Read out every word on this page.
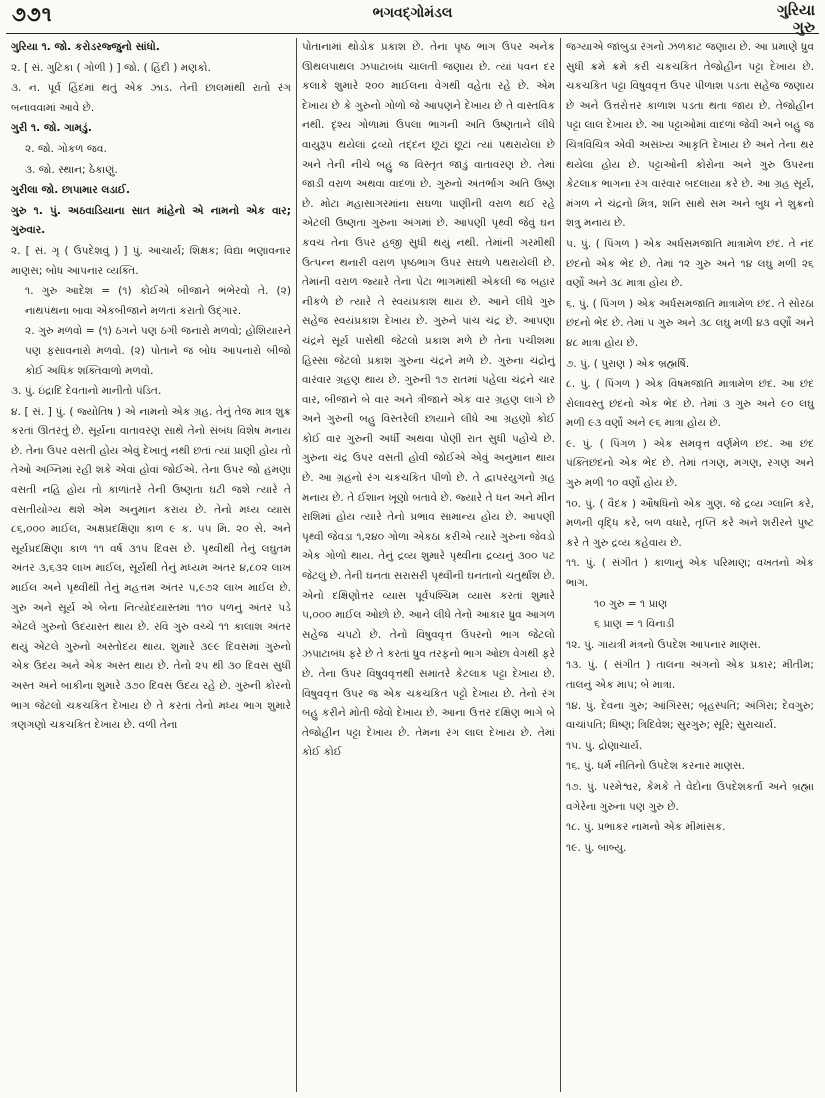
૭૭૧	ભગવદ્‍ગોમંડલ	ગુરિયા
ગુરુ

ગુરિયા ૧. જો. કરોડરજ્જુનો સાંધો.

૨. [ સં. ગુટિકા ( ગોળી ) ] જો. ( હિંદી ) મણકો.

૩. ન. પૂર્વ હિંદમાં થતું એક ઝાડ. તેની છાલમાંથી રાતો રંગ બનાવવામાં આવે છે.

ગુરી ૧. જો. ગામડું.

૨. જો. ગોકળ જવ.

૩. જો. સ્થાન; ઠેકાણું.

ગુરીલા જો. છાપામાર લડાઈ.

ગુરુ ૧. પું. અઠવાડિયાના સાત માંહેનો એ નામનો એક વાર; ગુરુવાર.

૨. [ સં. ગૃ ( ઉપદેશવું ) ] પું. આચાર્ય; શિક્ષક; વિદ્યા ભણાવનાર માણસ; બોધ આપનાર વ્યક્તિ.

૧. ગુરુ આદેશ = (૧) કોઈએ બીજાને ભંભેરવો તે. (૨) નાથપંથના બાવા એકબીજાને મળતાં કરાતો ઉદ્ગાર.

૨. ગુરુ મળવો = (૧) ઠગને પણ ઠગી જનારો મળવો; હોશિયારને પણ ફસાવનારો મળવો. (૨) પોતાને જ બોધ આપનારો બીજો કોઈ અધિક શક્તિવાળો મળવો.

૩. પું. ઇંદ્રાદિ દેવતાનો માનીતો પંડિત.

૪. [ સં. ] પું. ( જ્યોતિષ ) એ નામનો એક ગ્રહ. તેનું તેજ માત્ર શુક્ર કરતાં ઊતરતું છે. સૂર્યના વાતાવરણ સાથે તેનો સંબંધ વિશેષ મનાય છે. તેના ઉપર વસતી હોય એવું દેખાતું નથી છતાં ત્યાં પ્રાણી હોય તો તેઓ અગ્નિમાં રહી શકે એવાં હોવાં જોઈએ. તેના ઉપર જો હમણાં વસતી નહિ હોય તો કાળાંતરે તેની ઉષ્ણતા ઘટી જશે ત્યારે તે વસતીયોગ્ય થશે એમ અનુમાન કરાય છે. તેનો મધ્ય વ્યાસ ૮૬,૦૦૦ માઈલ, અક્ષપ્રદક્ષિણા કાળ ૯ ક. ૫૫ મિ. ૨૦ સે. અને સૂર્યપ્રદક્ષિણા કાળ ૧૧ વર્ષ ૩૧૫ દિવસ છે. પૃથ્વીથી તેનું લઘુતમ અંતર ૩,૬૩૨ લાખ માઈલ, સૂર્યથી તેનું મધ્યમ અંતર ૪,૮૦૨ લાખ માઈલ અને પૃથ્વીથી તેનું મહત્તમ અંતર ૫,૯૭૨ લાખ માઈલ છે. ગુરુ અને સૂર્ય એ બેના નિત્યોદયાસ્તમાં ૧૧૦ પળનું અંતર પડે એટલે ગુરુનો ઉદયાસ્ત થાય છે. રવિ ગુરુ વચ્ચે ૧૧ કાલાંશ અંતર થયું એટલે ગુરુનો અસ્તોદય થાય. શુમારે ૩૯૯ દિવસમાં ગુરુનો એક ઉદય અને એક અસ્ત થાય છે. તેનો ૨૫ થી ૩૦ દિવસ સુધી અસ્ત અને બાકીના શુમારે ૩૭૦ દિવસ ઉદય રહે છે. ગુરુની કોરનો ભાગ જેટલો ચકચકિત દેખાય છે તે કરતાં તેનો મધ્ય ભાગ શુમારે ત્રણગણો ચકચકિત દેખાય છે. વળી તેના

પોતાનામાં થોડોક પ્રકાશ છે. તેના પૃષ્ઠ ભાગ ઉપર અનેક ઊથલપાથલ ઝપાટાબંધ ચાલતી જણાય છે. ત્યાં પવન દર કલાકે શુમારે ૨૦૦ માઈલના વેગથી વહેતા રહે છે. એમ દેખાય છે કે ગુરુનો ગોળો જે આપણને દેખાય છે તે વાસ્તવિક નથી. દૃશ્ય ગોળામાં ઉપલા ભાગની અતિ ઉષ્ણતાને લીધે વાયુરૂપ થયેલાં દ્રવ્યો તદ્દન છૂટાં છૂટાં ત્યાં પથરાયેલાં છે અને તેની નીચે બહુ જ વિસ્તૃત જાડું વાતાવરણ છે. તેમાં જાડી વરાળ અથવા વાદળાં છે. ગુરુનો અંતર્ભાગ અતિ ઉષ્ણ છે. મોટા મહાસાગરમાંના સઘળા પાણીની વરાળ થઈ રહે એટલી ઉષ્ણતા ગુરુના અંગમાં છે. આપણી પૃથ્વી જેવું ઘન કવચ તેના ઉપર હજી સુધી થયું નથી. તેમાંની ગરમીથી ઉત્પન્ન થનારી વરાળ પૃષ્ઠભાગ ઉપર સઘળે પથરાયેલી છે. તેમાંની વરાળ જ્યારે તેના પેટા ભાગમાંથી એકલી જ બહાર નીકળે છે ત્યારે તે સ્વયંપ્રકાશ થાય છે. આને લીધે ગુરુ સહેજ સ્વયંપ્રકાશ દેખાય છે. ગુરુને પાંચ ચંદ્ર છે. આપણા ચંદ્રને સૂર્ય પાસેથી જેટલો પ્રકાશ મળે છે તેના પચીશમા હિસ્સા જેટલો પ્રકાશ ગુરુના ચંદ્રને મળે છે. ગુરુના ચંદ્રોનું વારંવાર ગ્રહણ થાય છે. ગુરુની ૧૭ રાતમાં પહેલા ચંદ્રને ચાર વાર, બીજાને બે વાર અને ત્રીજાને એક વાર ગ્રહણ લાગે છે અને ગુરુની બહુ વિસ્તરેલી છાયાને લીધે આ ગ્રહણો કોઈ કોઈ વાર ગુરુની અર્ધી અથવા પોણી રાત સુધી પહોંચે છે. ગુરુના ચંદ્ર ઉપર વસતી હોવી જોઈએ એવું અનુમાન થાય છે. આ ગ્રહનો રંગ ચકચકિત પીળો છે. તે દ્વાપરયુગનો ગ્રહ મનાય છે. તે ઈશાન ખૂણો બતાવે છે. જ્યારે તે ધન અને મીન રાશિમાં હોય ત્યારે તેનો પ્રભાવ સામાન્ય હોય છે. આપણી પૃથ્વી જેવડા ૧,૨૪૦ ગોળા એકઠા કરીએ ત્યારે ગુરુના જેવડો એક ગોળો થાય. તેનું દ્રવ્ય શુમારે પૃથ્વીના દ્રવ્યનું ૩૦૦ પટ જેટલું છે. તેની ઘનતા સરાસરી પૃથ્વીની ઘનતાનો ચતુર્થાંશ છે. એનો દક્ષિણોત્તર વ્યાસ પૂર્વપશ્ચિમ વ્યાસ કરતાં શુમારે ૫,૦૦૦ માઈલ ઓછો છે. આને લીધે તેનો આકાર ધ્રુવ આગળ સહેજ ચપટો છે. તેનો વિષુવવૃત્ત ઉપરનો ભાગ જેટલો ઝપાટાબંધ ફરે છે તે કરતાં ધ્રુવ તરફનો ભાગ ઓછા વેગથી ફરે છે. તેના ઉપર વિષુવવૃત્તથી સમાંતરે કેટલાક પટ્ટા દેખાય છે. વિષુવવૃત્ત ઉપર જ એક ચકચકિત પટ્ટો દેખાય છે. તેનો રંગ બહુ કરીને મોતી જેવો દેખાય છે. આના ઉત્તર દક્ષિણ ભાગે બે તેજોહીન પટ્ટા દેખાય છે. તેમના રંગ લાલ દેખાય છે. તેમાં કોઈ કોઈ

જગ્યાએ જાંબુડા રંગનો ઝળકાટ જણાય છે. આ પ્રમાણે ધ્રુવ સુધી ક્રમે ક્રમે કરી ચકચકિત તેજોહીન પટ્ટા દેખાય છે. ચકચકિત પટ્ટા વિષુવવૃત્ત ઉપર પીળાશ પડતા સહેજ જણાય છે અને ઉત્તરોત્તર કાળાશ પડતા થતા જાય છે. તેજોહીન પટ્ટા લાલ દેખાય છે. આ પટ્ટાઓમાં વાદળાં જેવી અને બહુ જ ચિત્રવિચિત્ર એવી અસંખ્ય આકૃતિ દેખાય છે અને તેના થર થયેલા હોય છે. પટ્ટાઓની કોરોના અને ગુરુ ઉપરના કેટલાક ભાગના રંગ વારંવાર બદલાયા કરે છે. આ ગ્રહ સૂર્ય, મંગળ ને ચંદ્રનો મિત્ર, શનિ સાથે સમ અને બુધ ને શુક્રનો શત્રુ મનાય છે.

૫. પું. ( પિંગળ ) એક અર્ધસમજાતિ માત્રામેળ છંદ. તે નંદ છંદનો એક ભેદ છે. તેમાં ૧૨ ગુરુ અને ૧૪ લઘુ મળી ૨૬ વર્ણો અને ૩૮ માત્રા હોય છે.

૬. પું. ( પિંગળ ) એક અર્ધસમજાતિ માત્રામેળ છંદ. તે સોરઠા છંદનો ભેદ છે. તેમાં ૫ ગુરુ અને ૩૮ લઘુ મળી ૪૩ વર્ણો અને ૪૮ માત્રા હોય છે.

૭. પું. ( પુરાણ ) એક બ્રહ્મર્ષિ.

૮. પું. ( પિંગળ ) એક વિષમજાતિ માત્રામેળ છંદ. આ છંદ રોલાવસ્તુ છંદનો એક ભેદ છે. તેમાં ૩ ગુરુ અને ૯૦ લઘુ મળી ૯૩ વર્ણો અને ૯૬ માત્રા હોય છે.

૯. પું. ( પિંગળ ) એક સમવૃત્ત વર્ણમેળ છંદ. આ છંદ પંક્તિછંદનો એક ભેદ છે. તેમાં તગણ, મગણ, રગણ અને ગુરુ મળી ૧૦ વર્ણો હોય છે.

૧૦. પું. ( વૈદક ) ઔષધિનો એક ગુણ. જે દ્રવ્ય ગ્લાનિ કરે, મળની વૃદ્ધિ કરે, બળ વધારે, તૃપ્તિ કરે અને શરીરને પુષ્ટ કરે તે ગુરુ દ્રવ્ય કહેવાય છે.

૧૧. પું. ( સંગીત ) કાળાનું એક પરિમાણ; વખતનો એક ભાગ.

૧૦ ગુરુ = ૧ પ્રાણ

૬ પ્રાણ = ૧ વિનાડી

૧૨. પું. ગાયત્રી મંત્રનો ઉપદેશ આપનાર માણસ.

૧૩. પું. ( સંગીત ) તાલના અંગનો એક પ્રકાર; મીતીમ; તાલનું એક માપ; બે માત્રા.

૧૪. પું. દેવના ગુરુ; આંગિરસ; બૃહસ્પતિ; અંગિરા; દેવગુરુ; વાચાંપતિ; ધિષ્ણ; ત્રિદિવેશ; સુરગુરુ; સૂરિ; સુરાચાર્ય.

૧૫. પું. દ્રોણાચાર્ય.

૧૬. પું. ધર્મ નીતિનો ઉપદેશ કરનાર માણસ.

૧૭. પું. પરમેશ્વર, કેમકે તે વેદોના ઉપદેશકર્તા અને બ્રહ્મા વગેરેના ગુરુના પણ ગુરુ છે.

૧૮. પું. પ્રભાકર નામનો એક મીમાંસક.

૧૯. પું. બાબ્યુ.
